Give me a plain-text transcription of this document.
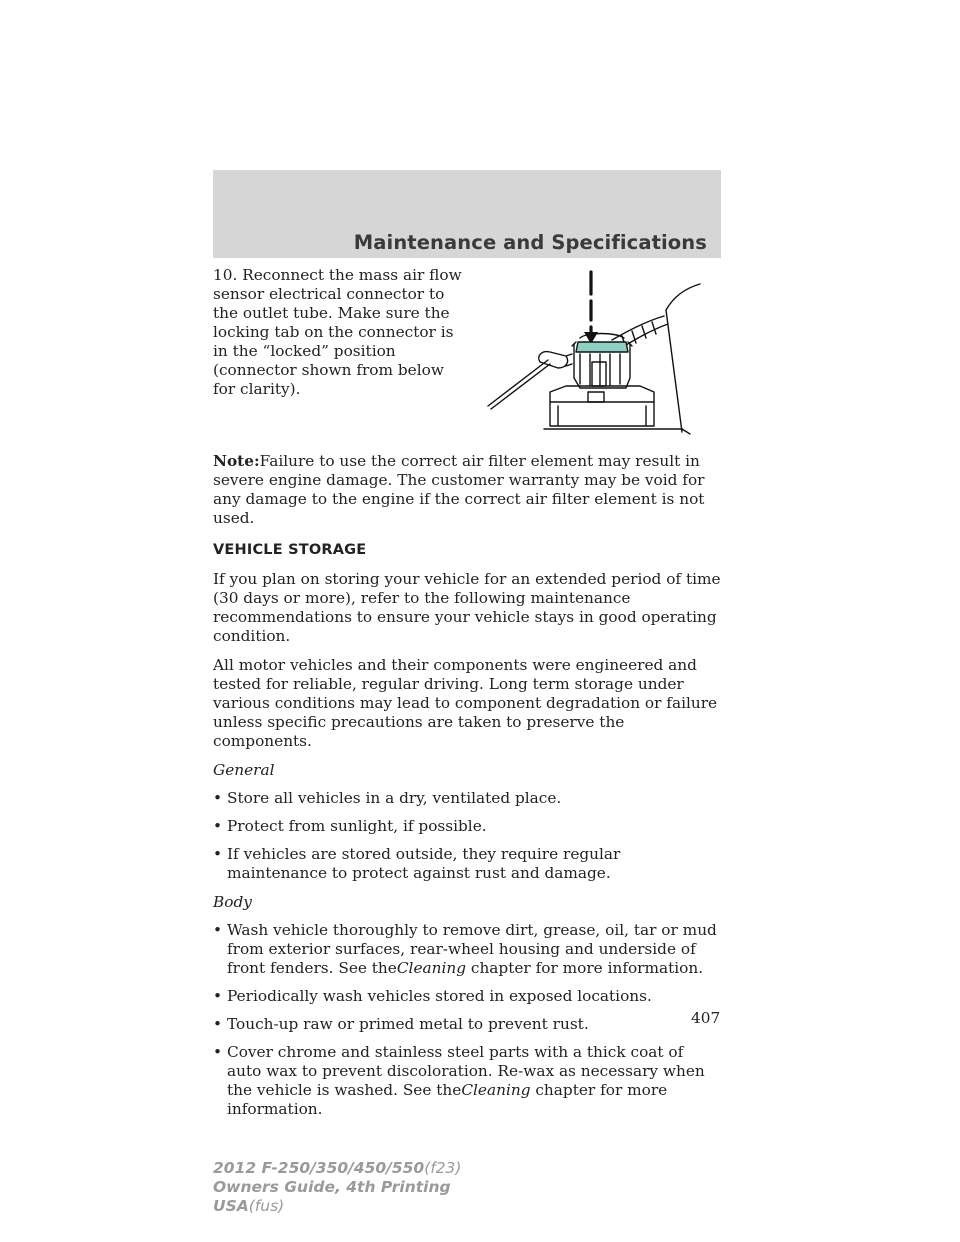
Maintenance and Specifications

10. Reconnect the mass air flow sensor electrical connector to the outlet tube. Make sure the locking tab on the connector is in the “locked” position (connector shown from below for clarity).

Note:Failure to use the correct air filter element may result in severe engine damage. The customer warranty may be void for any damage to the engine if the correct air filter element is not used.

VEHICLE STORAGE

If you plan on storing your vehicle for an extended period of time (30 days or more), refer to the following maintenance recommendations to ensure your vehicle stays in good operating condition.

All motor vehicles and their components were engineered and tested for reliable, regular driving. Long term storage under various conditions may lead to component degradation or failure unless specific precautions are taken to preserve the components.

General

• Store all vehicles in a dry, ventilated place.
• Protect from sunlight, if possible.
• If vehicles are stored outside, they require regular maintenance to protect against rust and damage.

Body

• Wash vehicle thoroughly to remove dirt, grease, oil, tar or mud from exterior surfaces, rear-wheel housing and underside of front fenders. See theCleaning chapter for more information.
• Periodically wash vehicles stored in exposed locations.
• Touch-up raw or primed metal to prevent rust.
• Cover chrome and stainless steel parts with a thick coat of auto wax to prevent discoloration. Re-wax as necessary when the vehicle is washed. See theCleaning chapter for more information.
407
2012 F-250/350/450/550(f23)
Owners Guide, 4th Printing
USA(fus)
